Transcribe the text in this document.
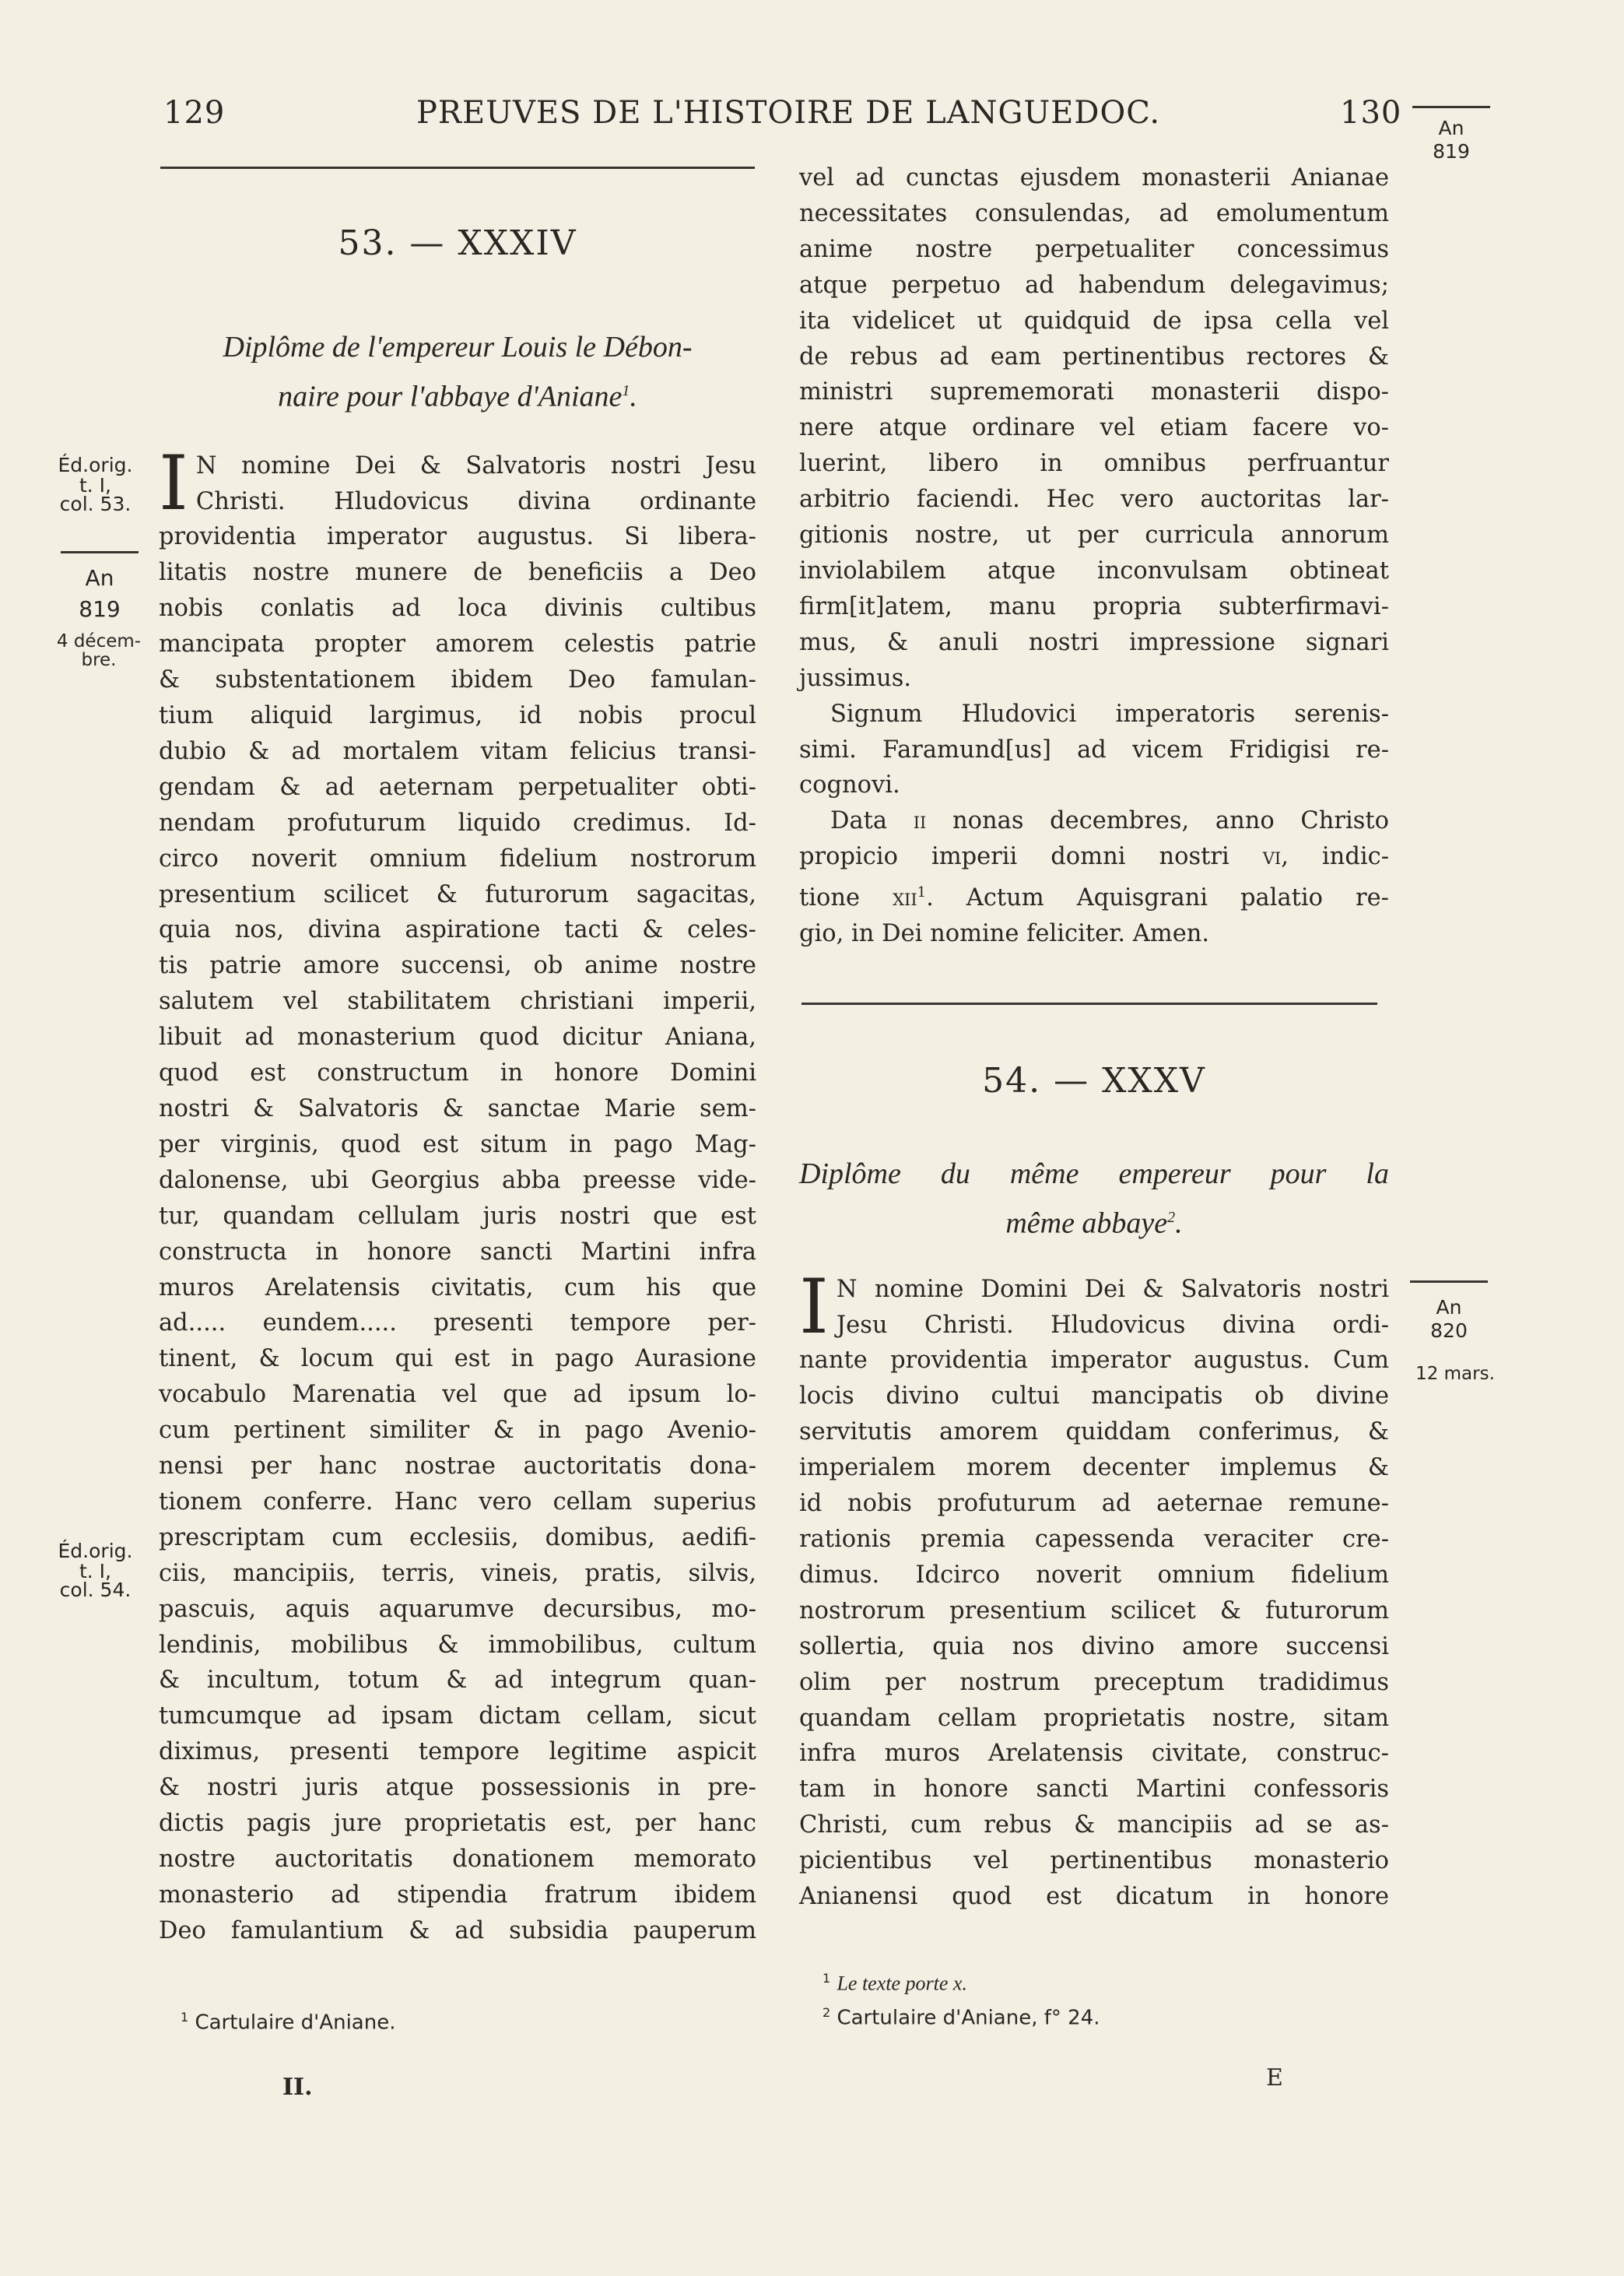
129	PREUVES DE L'HISTOIRE DE LANGUEDOC.	130	An
819
An
820
12 mars.
Éd.orig.
t. I,
col. 53.
An
819
4 décem-
bre.
Éd.orig.
t. I,
col. 54.
53. — XXXIV
Diplôme de l'empereur Louis le Débon-
naire pour l'abbaye d'Aniane$^1$.
I N nomine Dei & Salvatoris nostri Jesu

Christi. Hludovicus divina ordinante

providentia imperator augustus. Si libera-

litatis nostre munere de beneficiis a Deo

nobis conlatis ad loca divinis cultibus

mancipata propter amorem celestis patrie

& substentationem ibidem Deo famulan-

tium aliquid largimus, id nobis procul

dubio & ad mortalem vitam felicius transi-

gendam & ad aeternam perpetualiter obti-

nendam profuturum liquido credimus. Id-

circo noverit omnium fidelium nostrorum

presentium scilicet & futurorum sagacitas,

quia nos, divina aspiratione tacti & celes-

tis patrie amore succensi, ob anime nostre

salutem vel stabilitatem christiani imperii,

libuit ad monasterium quod dicitur Aniana,

quod est constructum in honore Domini

nostri & Salvatoris & sanctae Marie sem-

per virginis, quod est situm in pago Mag-

dalonense, ubi Georgius abba preesse vide-

tur, quandam cellulam juris nostri que est

constructa in honore sancti Martini infra

muros Arelatensis civitatis, cum his que

ad..... eundem..... presenti tempore per-

tinent, & locum qui est in pago Aurasione

vocabulo Marenatia vel que ad ipsum lo-

cum pertinent similiter & in pago Avenio-

nensi per hanc nostrae auctoritatis dona-

tionem conferre. Hanc vero cellam superius

prescriptam cum ecclesiis, domibus, aedifi-

ciis, mancipiis, terris, vineis, pratis, silvis,

pascuis, aquis aquarumve decursibus, mo-

lendinis, mobilibus & immobilibus, cultum

& incultum, totum & ad integrum quan-

tumcumque ad ipsam dictam cellam, sicut

diximus, presenti tempore legitime aspicit

& nostri juris atque possessionis in pre-

dictis pagis jure proprietatis est, per hanc

nostre auctoritatis donationem memorato

monasterio ad stipendia fratrum ibidem

Deo famulantium & ad subsidia pauperum

vel ad cunctas ejusdem monasterii Anianae

necessitates consulendas, ad emolumentum

anime nostre perpetualiter concessimus

atque perpetuo ad habendum delegavimus;

ita videlicet ut quidquid de ipsa cella vel

de rebus ad eam pertinentibus rectores &

ministri suprememorati monasterii dispo-

nere atque ordinare vel etiam facere vo-

luerint, libero in omnibus perfruantur

arbitrio faciendi. Hec vero auctoritas lar-

gitionis nostre, ut per curricula annorum

inviolabilem atque inconvulsam obtineat

firm[it]atem, manu propria subterfirmavi-

mus, & anuli nostri impressione signari

jussimus.

Signum Hludovici imperatoris serenis-

simi. Faramund[us] ad vicem Fridigisi re-

cognovi.

Data ii nonas decembres, anno Christo

propicio imperii domni nostri vi, indic-

tione xii$^1$. Actum Aquisgrani palatio re-

gio, in Dei nomine feliciter. Amen.

54. — XXXV
Diplôme du même empereur pour la
même abbaye$^2$.
I N nomine Domini Dei & Salvatoris nostri

Jesu Christi. Hludovicus divina ordi-

nante providentia imperator augustus. Cum

locis divino cultui mancipatis ob divine

servitutis amorem quiddam conferimus, &

imperialem morem decenter implemus &

id nobis profuturum ad aeternae remune-

rationis premia capessenda veraciter cre-

dimus. Idcirco noverit omnium fidelium

nostrorum presentium scilicet & futurorum

sollertia, quia nos divino amore succensi

olim per nostrum preceptum tradidimus

quandam cellam proprietatis nostre, sitam

infra muros Arelatensis civitate, construc-

tam in honore sancti Martini confessoris

Christi, cum rebus & mancipiis ad se as-

picientibus vel pertinentibus monasterio

Anianensi quod est dicatum in honore

$^1$ Cartulaire d'Aniane.
$^1$ Le texte porte x.
$^2$ Cartulaire d'Aniane, f° 24.
II.	E
